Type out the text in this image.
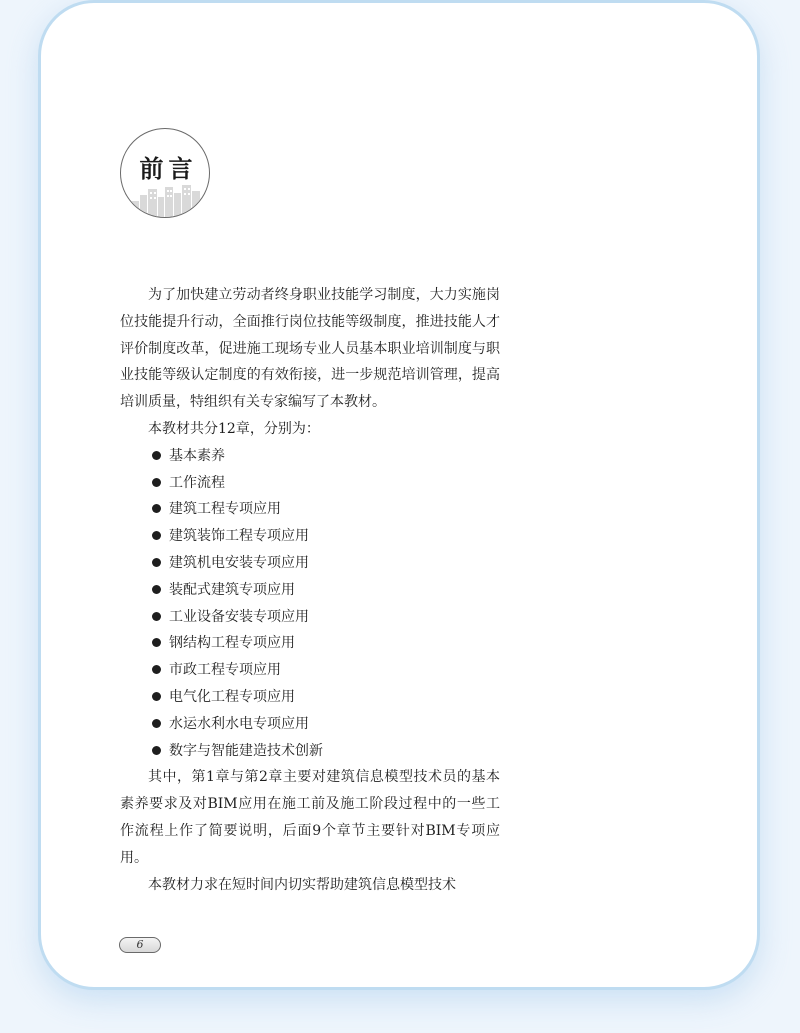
前言

为了加快建立劳动者终身职业技能学习制度，大力实施岗位技能提升行动，全面推行岗位技能等级制度，推进技能人才评价制度改革，促进施工现场专业人员基本职业培训制度与职业技能等级认定制度的有效衔接，进一步规范培训管理，提高培训质量，特组织有关专家编写了本教材。

本教材共分12章，分别为：

基本素养
工作流程
建筑工程专项应用
建筑装饰工程专项应用
建筑机电安装专项应用
装配式建筑专项应用
工业设备安装专项应用
钢结构工程专项应用
市政工程专项应用
电气化工程专项应用
水运水利水电专项应用
数字与智能建造技术创新

其中，第1章与第2章主要对建筑信息模型技术员的基本素养要求及对BIM应用在施工前及施工阶段过程中的一些工作流程上作了简要说明，后面9个章节主要针对BIM专项应用。

本教材力求在短时间内切实帮助建筑信息模型技术

6
